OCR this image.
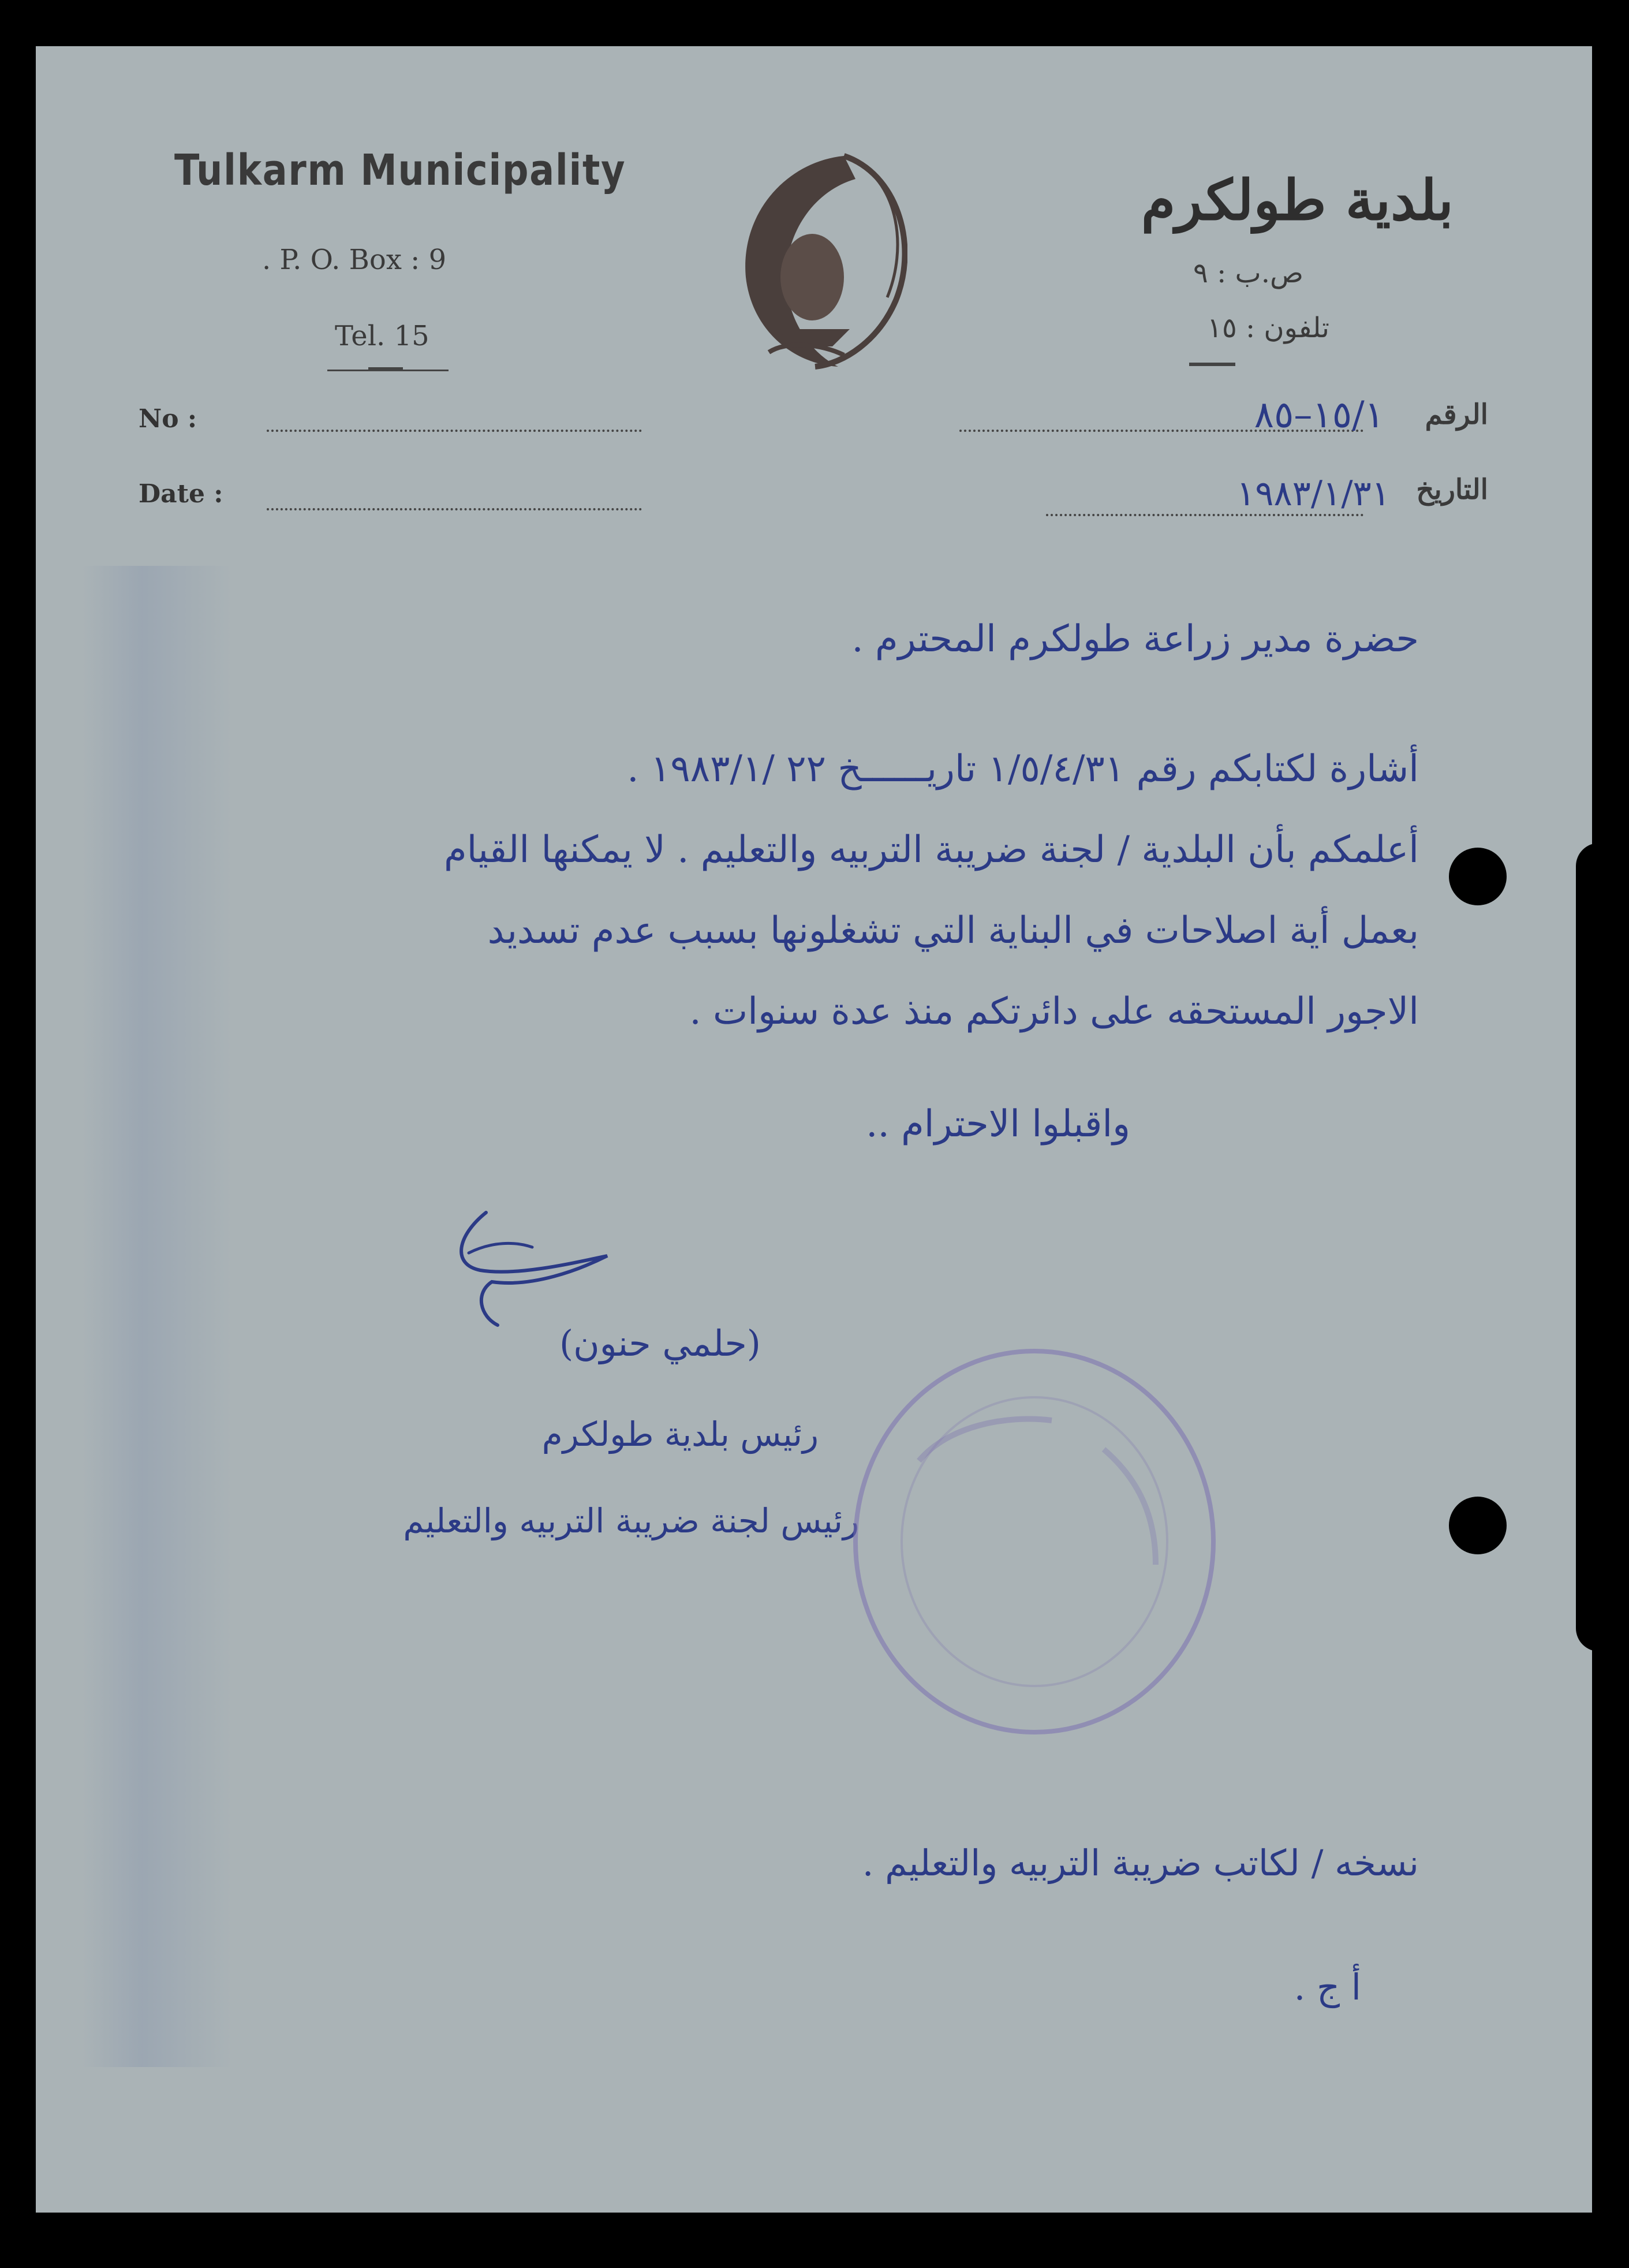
Tulkarm Municipality
. P. O. Box : 9
Tel. 15
بلدية طولكرم
ص.ب : ٩
تلفون : ١٥
No :
Date :
الرقم
١٥/١–٨٥
التاريخ
١٩٨٣/١/٣١
حضرة مدير زراعة طولكرم المحترم .
أشارة لكتابكم رقم ١/٥/٤/٣١ تاريــــــخ ٢٢ /١٩٨٣/١ .
أعلمكم بأن البلدية / لجنة ضريبة التربيه والتعليم . لا يمكنها القيام
بعمل أية اصلاحات في البناية التي تشغلونها بسبب عدم تسديد
الاجور المستحقه على دائرتكم منذ عدة سنوات .
واقبلوا الاحترام ..
(حلمي حنون)
رئيس بلدية طولكرم
رئيس لجنة ضريبة التربيه والتعليم
نسخه / لكاتب ضريبة التربيه والتعليم .
أ ج .
